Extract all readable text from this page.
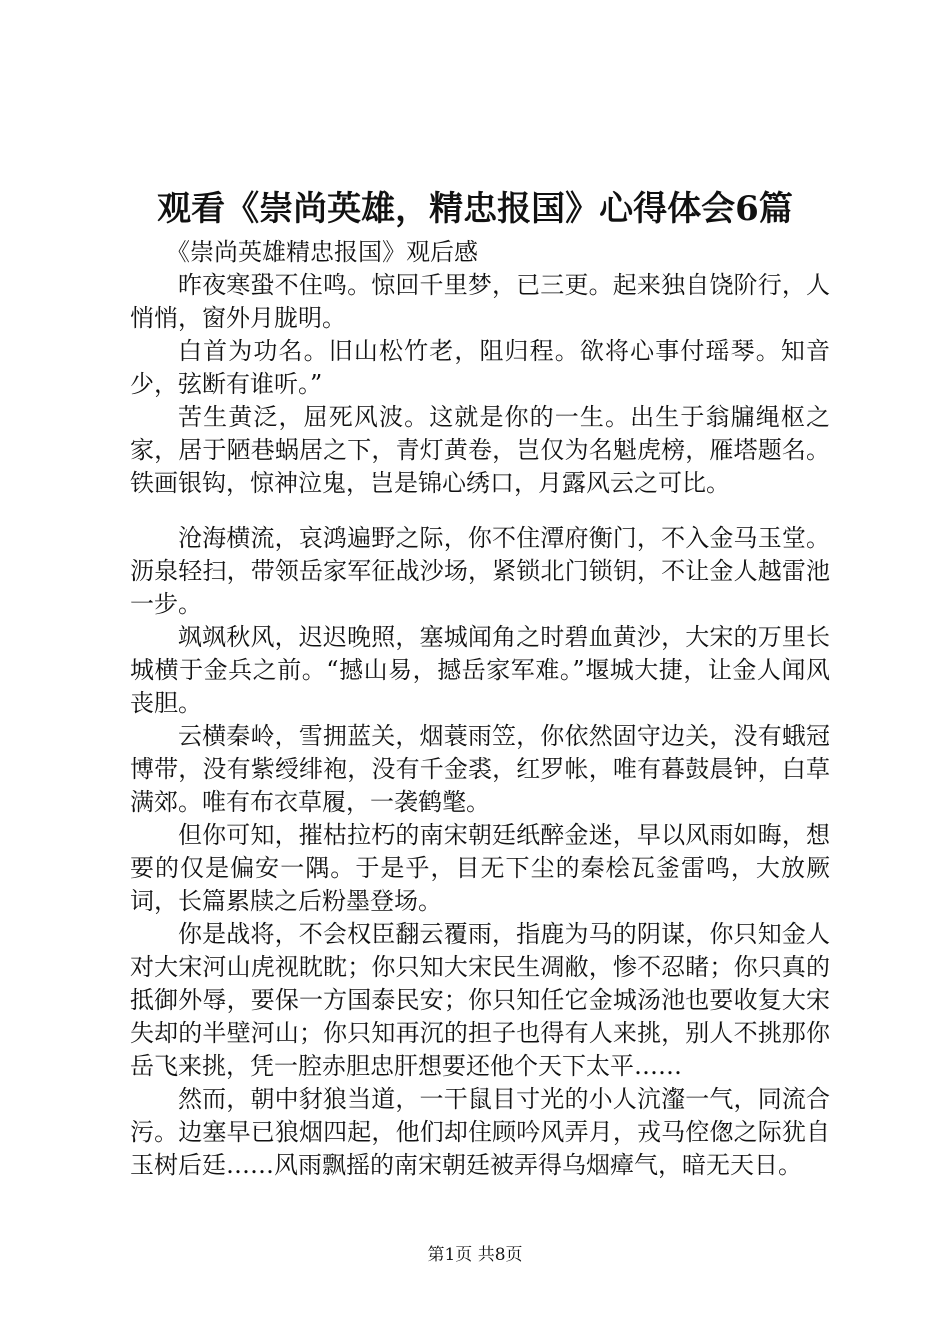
观看《崇尚英雄，精忠报国》心得体会6篇
《崇尚英雄精忠报国》观后感

昨夜寒蛩不住鸣。惊回千里梦，已三更。起来独自饶阶行，人悄悄，窗外月胧明。

白首为功名。旧山松竹老，阻归程。欲将心事付瑶琴。知音少，弦断有谁听。”

苦生黄泛，屈死风波。这就是你的一生。出生于翁牖绳枢之家，居于陋巷蜗居之下，青灯黄卷，岂仅为名魁虎榜，雁塔题名。铁画银钩，惊神泣鬼，岂是锦心绣口，月露风云之可比。

沧海横流，哀鸿遍野之际，你不住潭府衡门，不入金马玉堂。沥泉轻扫，带领岳家军征战沙场，紧锁北门锁钥，不让金人越雷池一步。

飒飒秋风，迟迟晚照，塞城闻角之时碧血黄沙，大宋的万里长城横于金兵之前。“撼山易，撼岳家军难。”堰城大捷，让金人闻风丧胆。

云横秦岭，雪拥蓝关，烟蓑雨笠，你依然固守边关，没有蛾冠博带，没有紫绶绯袍，没有千金裘，红罗帐，唯有暮鼓晨钟，白草满郊。唯有布衣草履，一袭鹤氅。

但你可知，摧枯拉朽的南宋朝廷纸醉金迷，早以风雨如晦，想要的仅是偏安一隅。于是乎，目无下尘的秦桧瓦釜雷鸣，大放厥词，长篇累牍之后粉墨登场。

你是战将，不会权臣翻云覆雨，指鹿为马的阴谋，你只知金人对大宋河山虎视眈眈；你只知大宋民生凋敝，惨不忍睹；你只真的抵御外辱，要保一方国泰民安；你只知任它金城汤池也要收复大宋失却的半壁河山；你只知再沉的担子也得有人来挑，别人不挑那你岳飞来挑，凭一腔赤胆忠肝想要还他个天下太平……

然而，朝中豺狼当道，一干鼠目寸光的小人沆瀣一气，同流合污。边塞早已狼烟四起，他们却住顾吟风弄月，戎马倥偬之际犹自玉树后廷……风雨飘摇的南宋朝廷被弄得乌烟瘴气，暗无天日。

第1页 共8页
